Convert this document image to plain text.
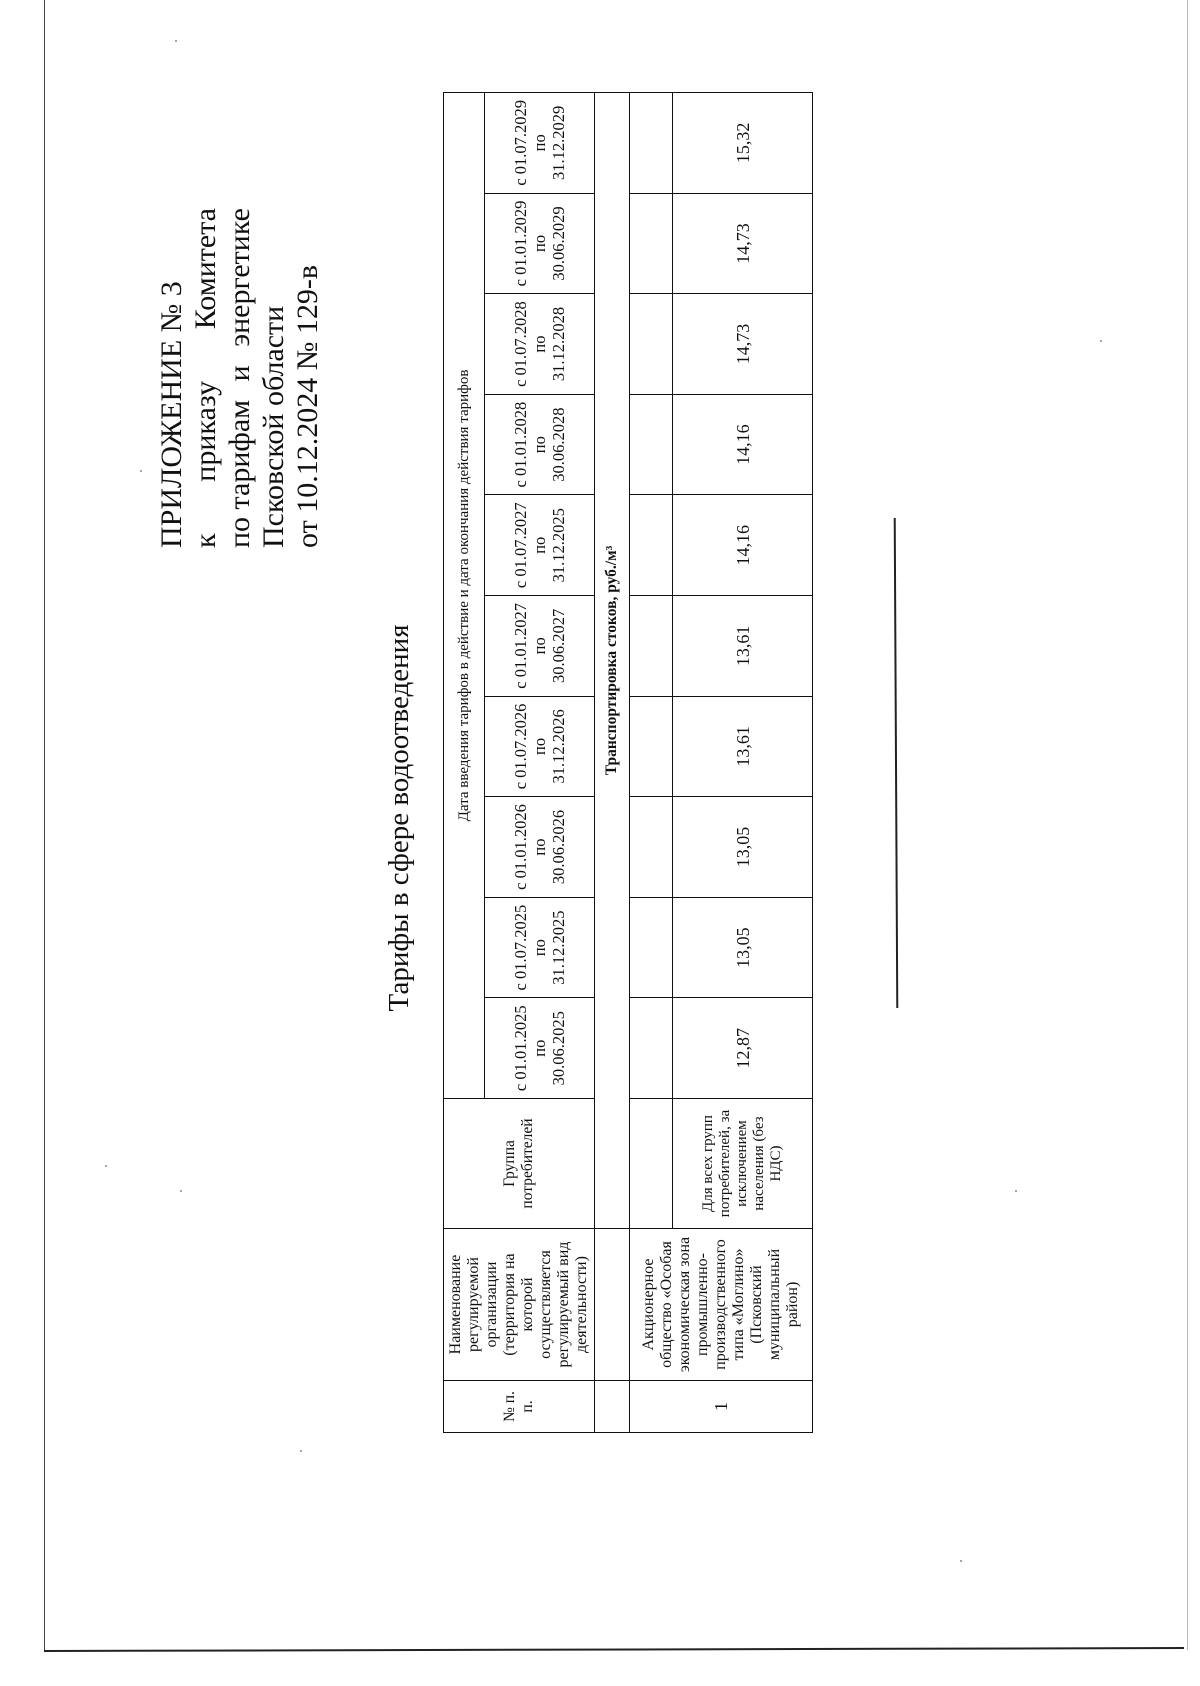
ПРИЛОЖЕНИЕ № 3 к
приказу
Комитета
по тарифам
и
энергетике
Псковской области от 10.12.2024 № 129-в
Тарифы в сфере водоотведения
№ п. п.	Наименование регулируемой организации (территория на которой осуществляется регулируемый вид деятельности)	Группа потребителей	Дата введения тарифов в действие и дата окончания действия тарифов									
			с 01.01.2025
по
30.06.2025	с 01.07.2025
по
31.12.2025	с 01.01.2026
по
30.06.2026	с 01.07.2026
по
31.12.2026	с 01.01.2027
по
30.06.2027	с 01.07.2027
по
31.12.2025	с 01.01.2028
по
30.06.2028	с 01.07.2028
по
31.12.2028	с 01.01.2029
по
30.06.2029	с 01.07.2029
по
31.12.2029
		Транспортировка стоков, руб./м³										
1	Акционерное общество «Особая экономическая зона промышленно-производственного типа «Моглино» (Псковский муниципальный район)											
		Для всех групп потребителей, за исключением населения (без НДС)	12,87	13,05	13,05	13,61	13,61	14,16	14,16	14,73	14,73	15,32
